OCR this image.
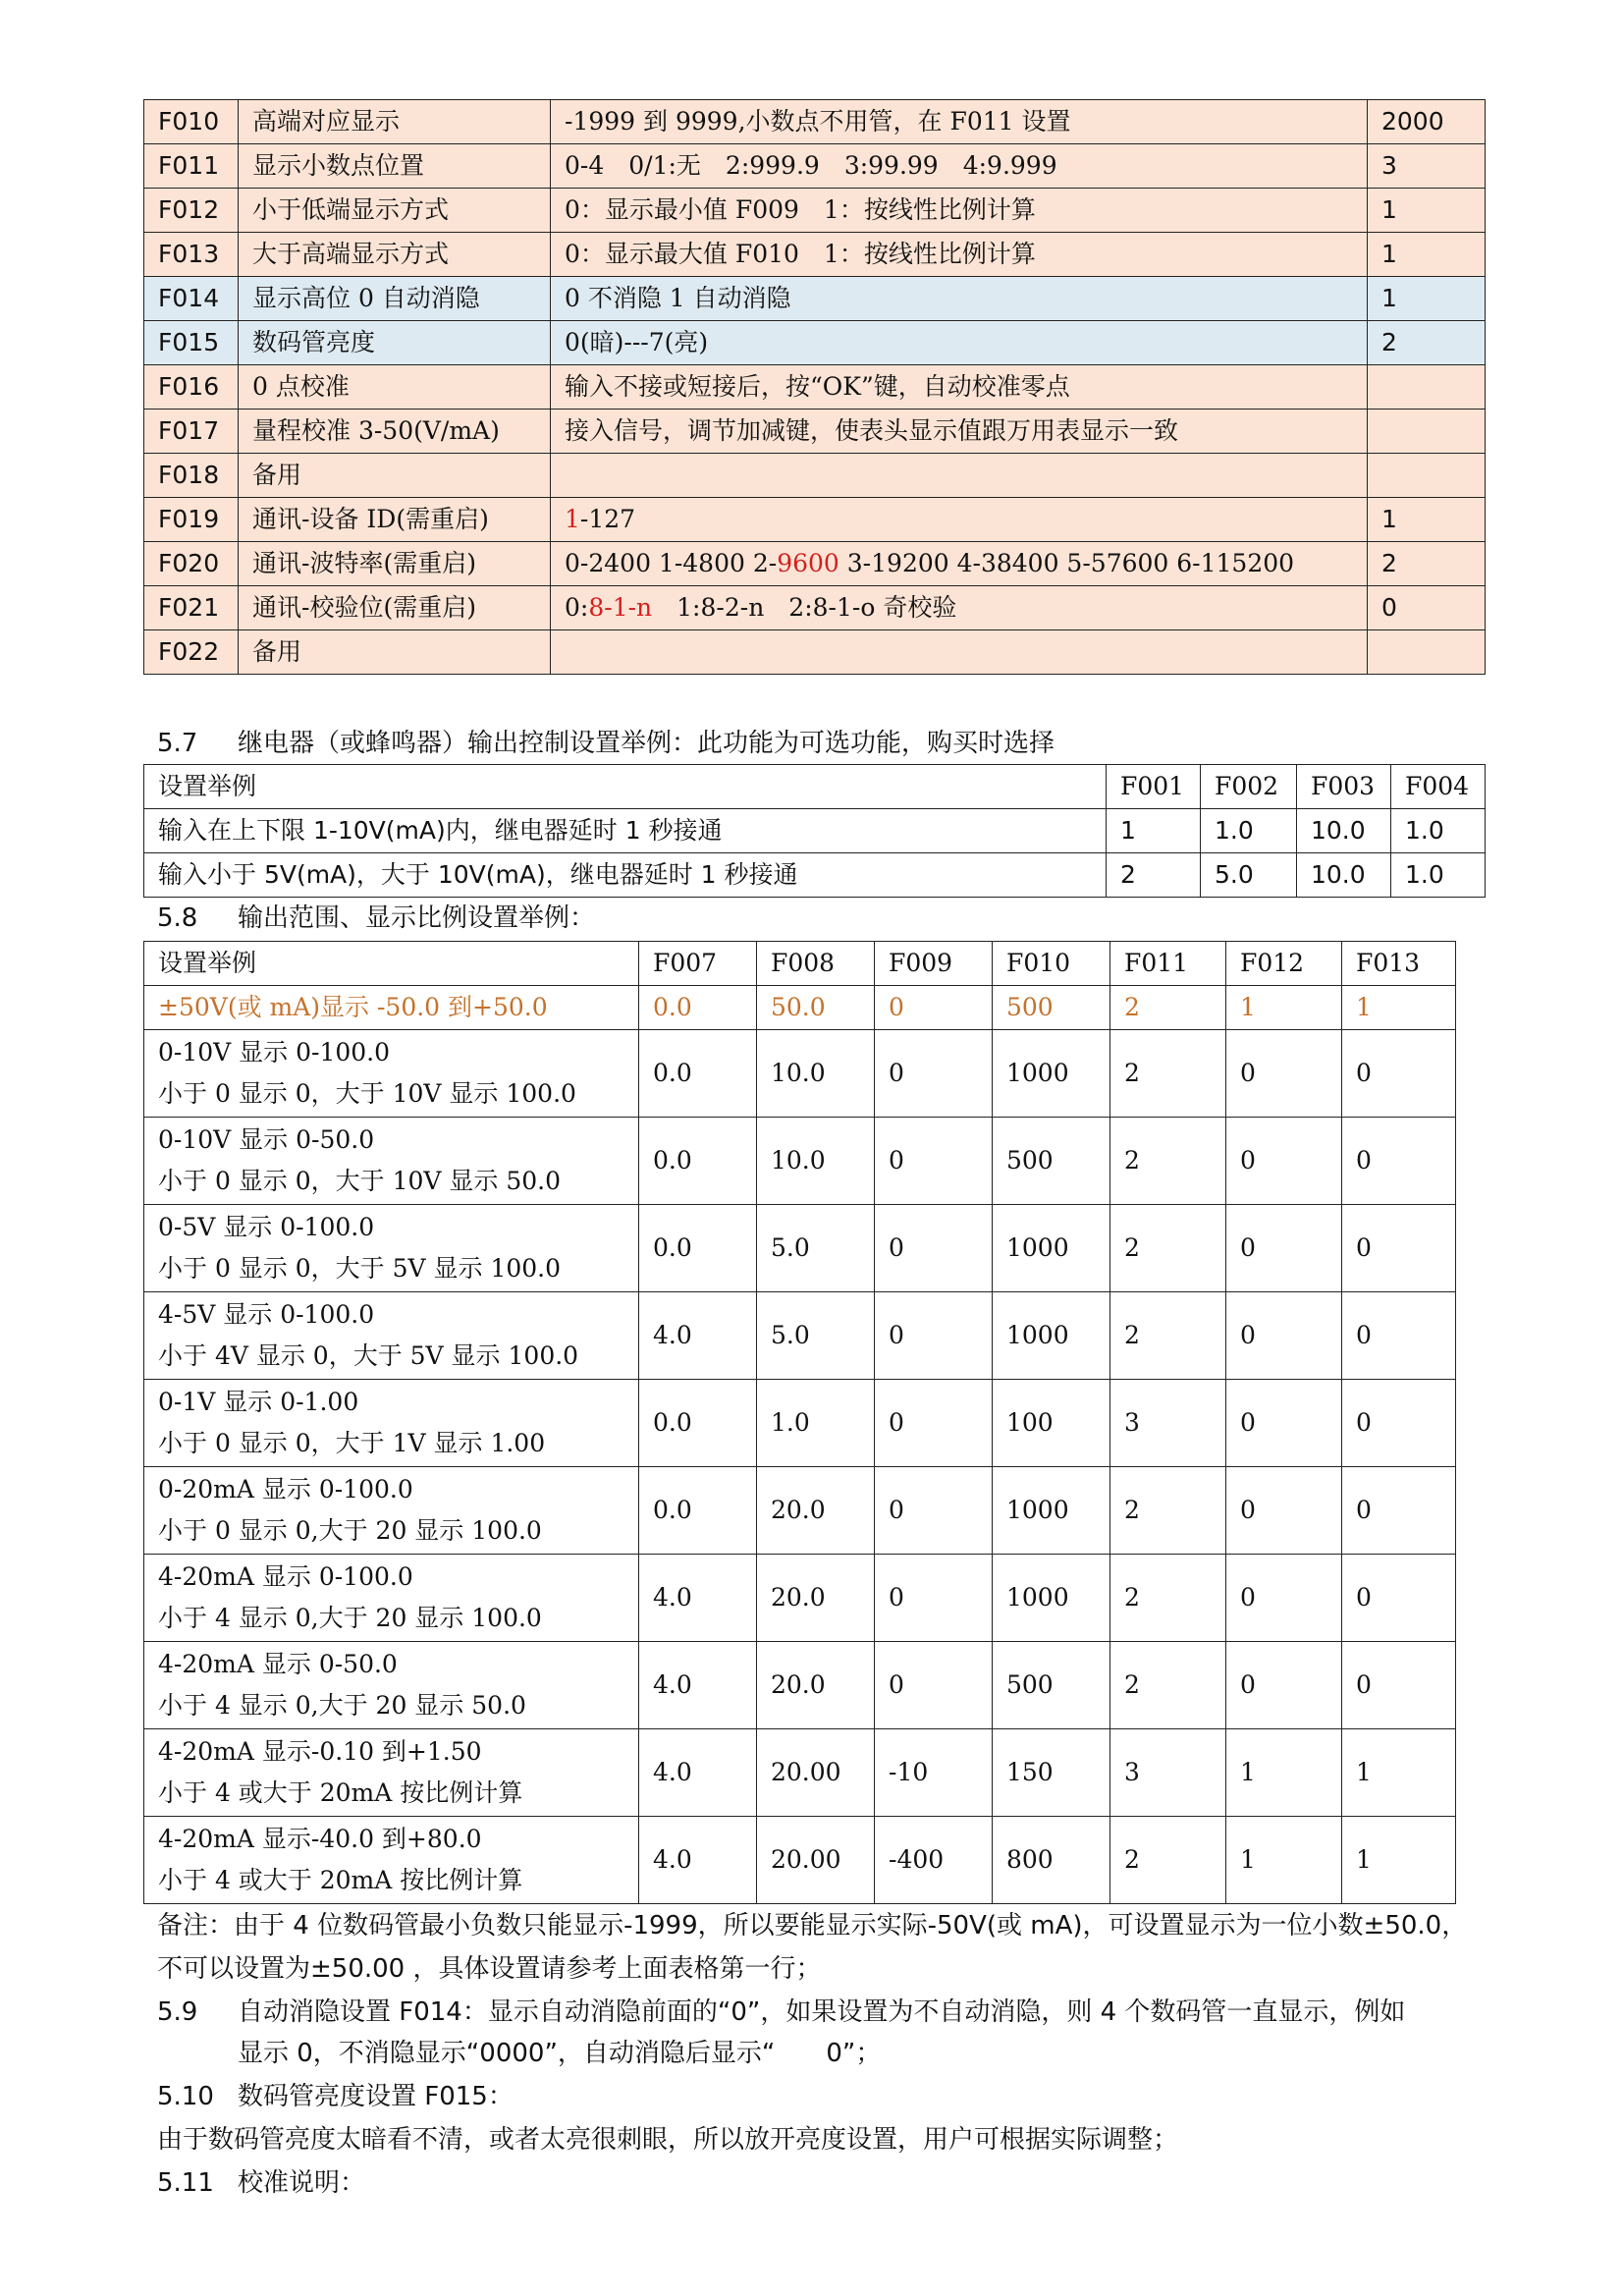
F010	高端对应显示	-1999 到 9999,小数点不用管，在 F011 设置	2000
F011	显示小数点位置	0-4　0/1:无　2:999.9　3:99.99　4:9.999	3
F012	小于低端显示方式	0：显示最小值 F009　1：按线性比例计算	1
F013	大于高端显示方式	0：显示最大值 F010　1：按线性比例计算	1
F014	显示高位 0 自动消隐	0 不消隐 1 自动消隐	1
F015	数码管亮度	0(暗)---7(亮)	2
F016	0 点校准	输入不接或短接后，按“OK”键，自动校准零点	
F017	量程校准 3-50(V/mA)	接入信号，调节加减键，使表头显示值跟万用表显示一致	
F018	备用		
F019	通讯-设备 ID(需重启)	1-127	1
F020	通讯-波特率(需重启)	0-2400 1-4800 2-9600 3-19200 4-38400 5-57600 6-115200	2
F021	通讯-校验位(需重启)	0:8-1-n　1:8-2-n　2:8-1-o 奇校验	0
F022	备用		
5.7 继电器（或蜂鸣器）输出控制设置举例：此功能为可选功能，购买时选择
设置举例	F001	F002	F003	F004
输入在上下限 1-10V(mA)内，继电器延时 1 秒接通	1	1.0	10.0	1.0
输入小于 5V(mA)，大于 10V(mA)，继电器延时 1 秒接通	2	5.0	10.0	1.0
5.8 输出范围、显示比例设置举例：
设置举例	F007	F008	F009	F010	F011	F012	F013
±50V(或 mA)显示 -50.0 到+50.0	0.0	50.0	0	500	2	1	1

0-10V 显示 0-100.0
小于 0 显示 0，大于 10V 显示 100.0	0.0	10.0	0	1000	2	0	0

0-10V 显示 0-50.0
小于 0 显示 0，大于 10V 显示 50.0	0.0	10.0	0	500	2	0	0

0-5V 显示 0-100.0
小于 0 显示 0，大于 5V 显示 100.0	0.0	5.0	0	1000	2	0	0

4-5V 显示 0-100.0
小于 4V 显示 0，大于 5V 显示 100.0	4.0	5.0	0	1000	2	0	0

0-1V 显示 0-1.00
小于 0 显示 0，大于 1V 显示 1.00	0.0	1.0	0	100	3	0	0

0-20mA 显示 0-100.0
小于 0 显示 0,大于 20 显示 100.0	0.0	20.0	0	1000	2	0	0

4-20mA 显示 0-100.0
小于 4 显示 0,大于 20 显示 100.0	4.0	20.0	0	1000	2	0	0

4-20mA 显示 0-50.0
小于 4 显示 0,大于 20 显示 50.0	4.0	20.0	0	500	2	0	0

4-20mA 显示-0.10 到+1.50
小于 4 或大于 20mA 按比例计算	4.0	20.00	-10	150	3	1	1

4-20mA 显示-40.0 到+80.0
小于 4 或大于 20mA 按比例计算	4.0	20.00	-400	800	2	1	1
备注：由于 4 位数码管最小负数只能显示-1999，所以要能显示实际-50V(或 mA)，可设置显示为一位小数±50.0，
不可以设置为±50.00 ，具体设置请参考上面表格第一行；
5.9 自动消隐设置 F014：显示自动消隐前面的“0”，如果设置为不自动消隐，则 4 个数码管一直显示，例如
显示 0，不消隐显示“0000”，自动消隐后显示“　　0”；
5.10 数码管亮度设置 F015：
由于数码管亮度太暗看不清，或者太亮很刺眼，所以放开亮度设置，用户可根据实际调整；
5.11 校准说明：
